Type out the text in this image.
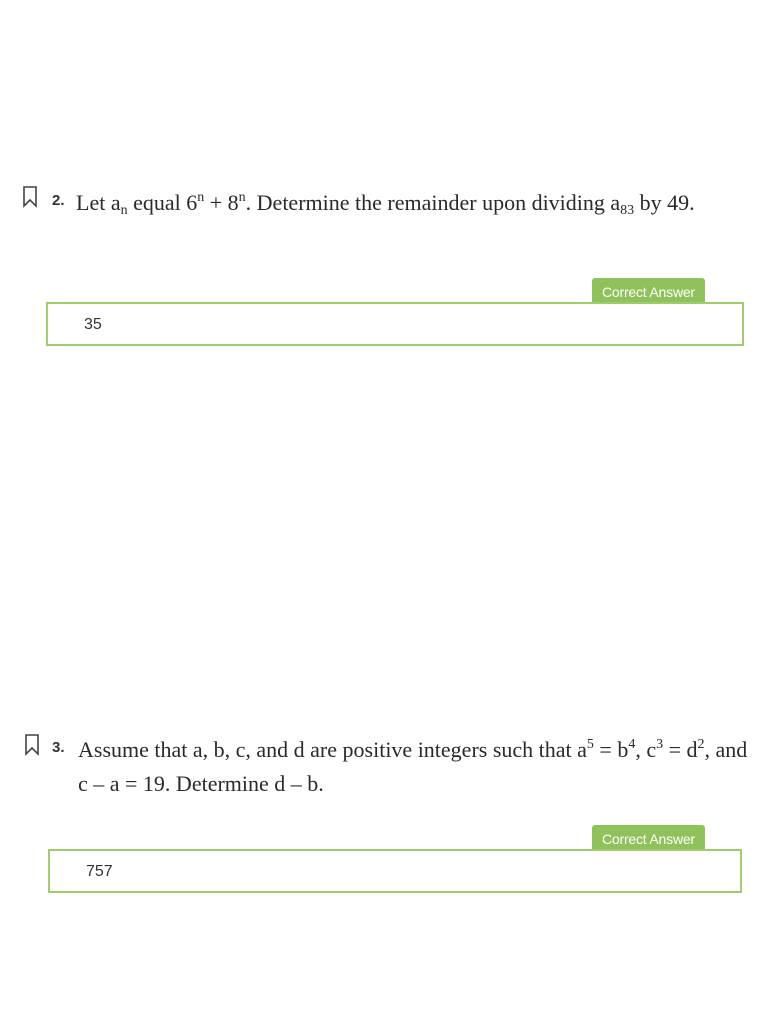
2. Let $a_n$ equal $6^n + 8^n$. Determine the remainder upon dividing $a_{83}$ by 49.
Correct Answer
35
3. Assume that a, b, c, and d are positive integers such that $a^5 = b^4$, $c^3 = d^2$, and c – a = 19. Determine d – b.
Correct Answer
757
